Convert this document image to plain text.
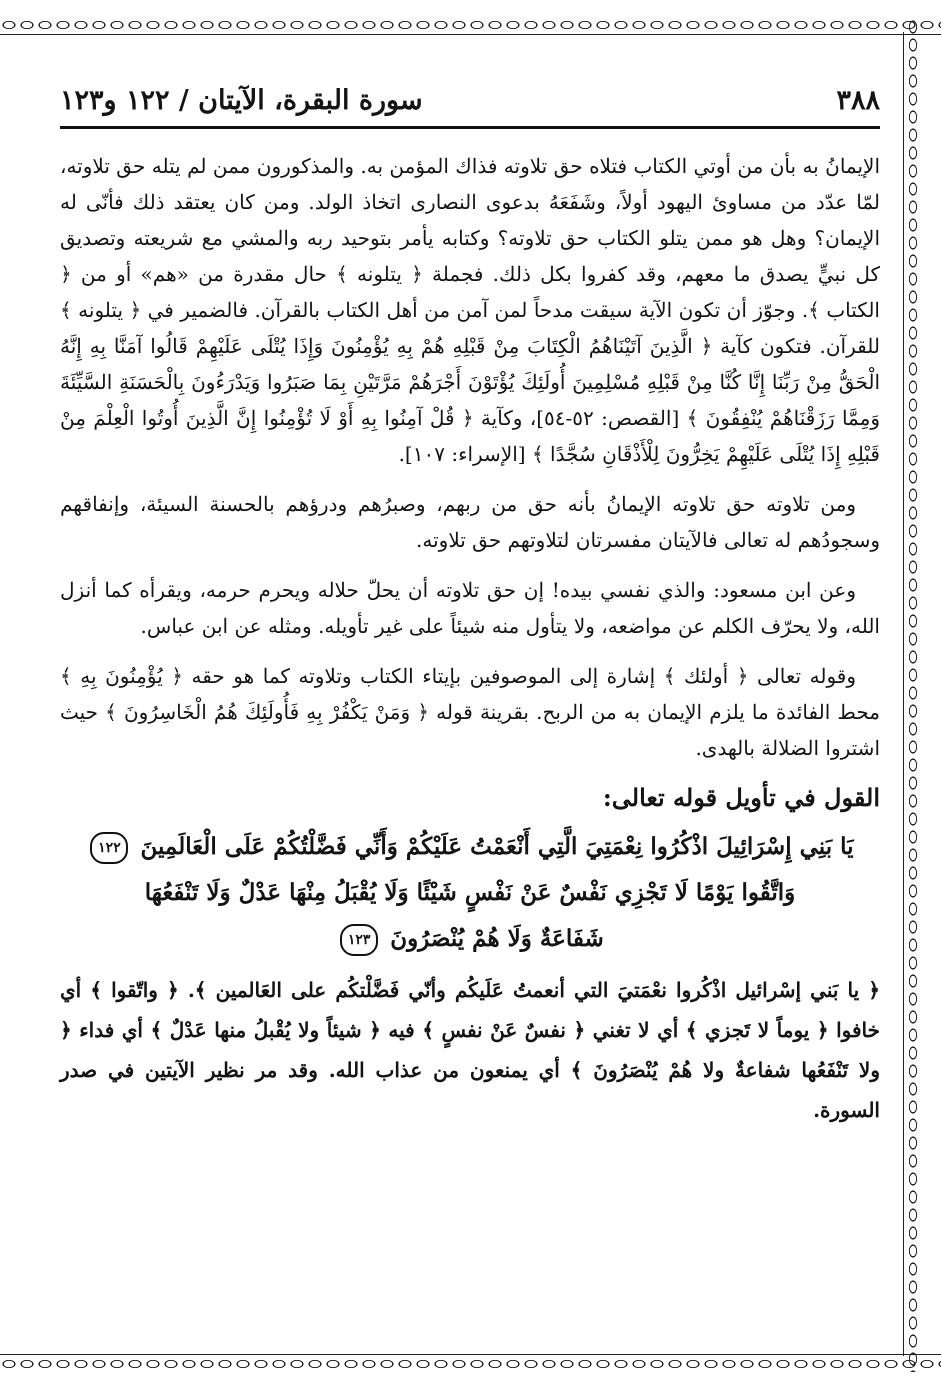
٣٨٨
سورة البقرة، الآيتان / ١٢٢ و١٢٣

الإيمانُ به بأن من أوتي الكتاب فتلاه حق تلاوته فذاك المؤمن به. والمذكورون ممن لم يتله حق تلاوته، لمّا عدّد من مساوئ اليهود أولاً، وشَفَعَهُ بدعوى النصارى اتخاذ الولد. ومن كان يعتقد ذلك فأنّى له الإيمان؟ وهل هو ممن يتلو الكتاب حق تلاوته؟ وكتابه يأمر بتوحيد ربه والمشي مع شريعته وتصديق كل نبيٍّ يصدق ما معهم، وقد كفروا بكل ذلك. فجملة ﴿ يتلونه ﴾ حال مقدرة من «هم» أو من ﴿ الكتاب ﴾. وجوّز أن تكون الآية سيقت مدحاً لمن آمن من أهل الكتاب بالقرآن. فالضمير في ﴿ يتلونه ﴾ للقرآن. فتكون كآية ﴿ الَّذِينَ آتَيْنَاهُمُ الْكِتَابَ مِنْ قَبْلِهِ هُمْ بِهِ يُؤْمِنُونَ وَإِذَا يُتْلَى عَلَيْهِمْ قَالُوا آمَنَّا بِهِ إِنَّهُ الْحَقُّ مِنْ رَبِّنَا إِنَّا كُنَّا مِنْ قَبْلِهِ مُسْلِمِينَ أُولَئِكَ يُؤْتَوْنَ أَجْرَهُمْ مَرَّتَيْنِ بِمَا صَبَرُوا وَيَدْرَءُونَ بِالْحَسَنَةِ السَّيِّئَةَ وَمِمَّا رَزَقْنَاهُمْ يُنْفِقُونَ ﴾ [القصص: ٥٢-٥٤]، وكآية ﴿ قُلْ آمِنُوا بِهِ أَوْ لَا تُؤْمِنُوا إِنَّ الَّذِينَ أُوتُوا الْعِلْمَ مِنْ قَبْلِهِ إِذَا يُتْلَى عَلَيْهِمْ يَخِرُّونَ لِلْأَذْقَانِ سُجَّدًا ﴾ [الإسراء: ١٠٧].

ومن تلاوته حق تلاوته الإيمانُ بأنه حق من ربهم، وصبرُهم ودرؤهم بالحسنة السيئة، وإنفاقهم وسجودُهم له تعالى فالآيتان مفسرتان لتلاوتهم حق تلاوته.

وعن ابن مسعود: والذي نفسي بيده! إن حق تلاوته أن يحلّ حلاله ويحرم حرمه، ويقرأه كما أنزل الله، ولا يحرّف الكلم عن مواضعه، ولا يتأول منه شيئاً على غير تأويله. ومثله عن ابن عباس.

وقوله تعالى ﴿ أولئك ﴾ إشارة إلى الموصوفين بإيتاء الكتاب وتلاوته كما هو حقه ﴿ يُؤْمِنُونَ بِهِ ﴾ محط الفائدة ما يلزم الإيمان به من الربح. بقرينة قوله ﴿ وَمَنْ يَكْفُرْ بِهِ فَأُولَئِكَ هُمُ الْخَاسِرُونَ ﴾ حيث اشتروا الضلالة بالهدى.

القول في تأويل قوله تعالى:
يَا بَنِي إِسْرَائِيلَ اذْكُرُوا نِعْمَتِيَ الَّتِي أَنْعَمْتُ عَلَيْكُمْ وَأَنِّي فَضَّلْتُكُمْ عَلَى الْعَالَمِينَ ١٢٢
وَاتَّقُوا يَوْمًا لَا تَجْزِي نَفْسٌ عَنْ نَفْسٍ شَيْئًا وَلَا يُقْبَلُ مِنْهَا عَدْلٌ وَلَا تَنْفَعُهَا
شَفَاعَةٌ وَلَا هُمْ يُنْصَرُونَ ١٢٣
﴿ يا بَني إسْرائيل اذْكُروا نعْمَتيَ التي أنعمتُ عَلَيكُم وأنّي فَضَّلْتكُم على العَالمين ﴾. ﴿ واتّقوا ﴾ أي خافوا ﴿ يوماً لا تَجزي ﴾ أي لا تغني ﴿ نفسٌ عَنْ نفسٍ ﴾ فيه ﴿ شيئاً ولا يُقْبلُ منها عَدْلٌ ﴾ أي فداء ﴿ ولا تَنْفَعُها شفاعةٌ ولا هُمْ يُنْصَرُونَ ﴾ أي يمنعون من عذاب الله. وقد مر نظير الآيتين في صدر السورة.
